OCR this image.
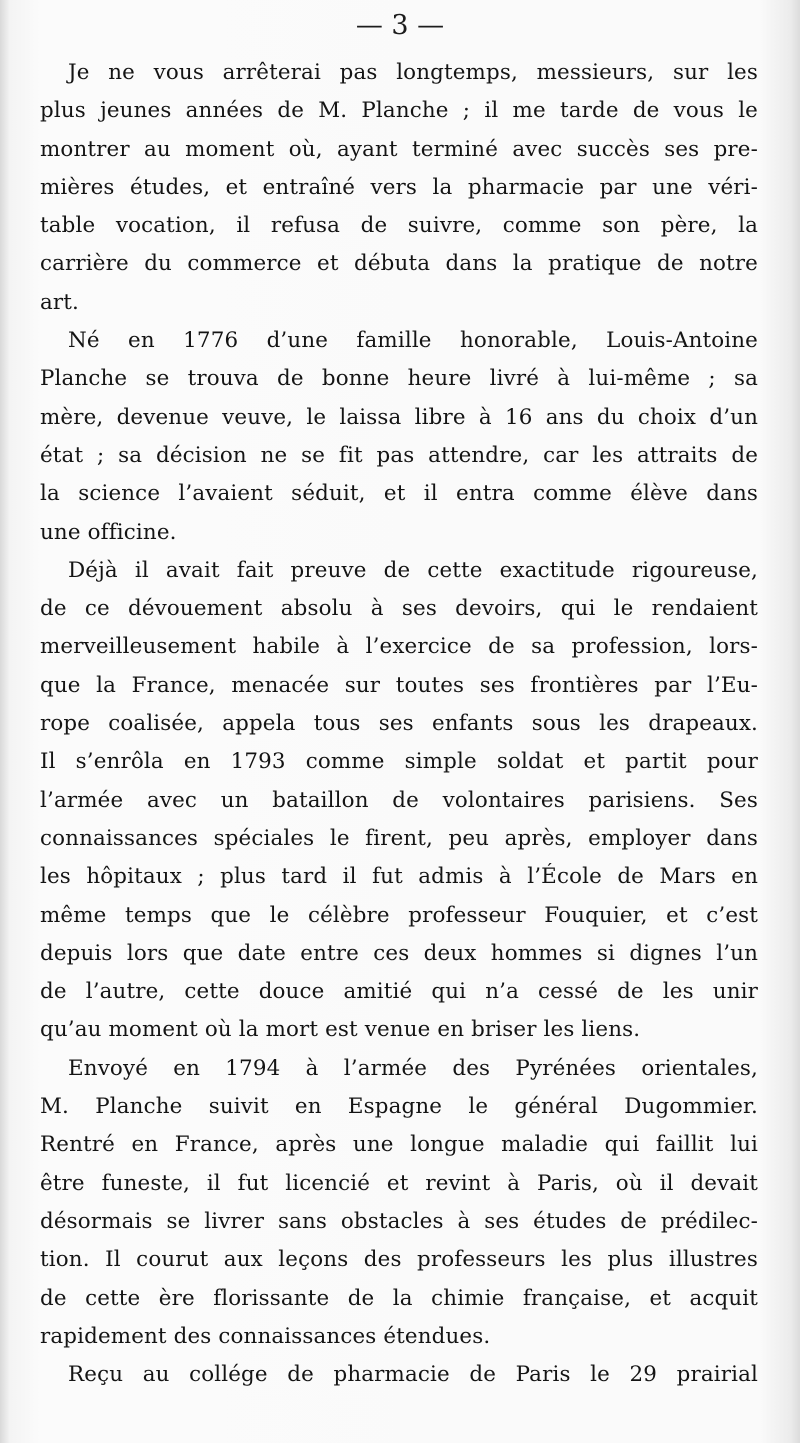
— 3 —
Je ne vous arrêterai pas longtemps, messieurs, sur les
plus jeunes années de M. Planche ; il me tarde de vous le
montrer au moment où, ayant terminé avec succès ses pre-
mières études, et entraîné vers la pharmacie par une véri-
table vocation, il refusa de suivre, comme son père, la
carrière du commerce et débuta dans la pratique de notre
art.
Né en 1776 d’une famille honorable, Louis-Antoine
Planche se trouva de bonne heure livré à lui-même ; sa
mère, devenue veuve, le laissa libre à 16 ans du choix d’un
état ; sa décision ne se fit pas attendre, car les attraits de
la science l’avaient séduit, et il entra comme élève dans
une officine.
Déjà il avait fait preuve de cette exactitude rigoureuse,
de ce dévouement absolu à ses devoirs, qui le rendaient
merveilleusement habile à l’exercice de sa profession, lors-
que la France, menacée sur toutes ses frontières par l’Eu-
rope coalisée, appela tous ses enfants sous les drapeaux.
Il s’enrôla en 1793 comme simple soldat et partit pour
l’armée avec un bataillon de volontaires parisiens. Ses
connaissances spéciales le firent, peu après, employer dans
les hôpitaux ; plus tard il fut admis à l’École de Mars en
même temps que le célèbre professeur Fouquier, et c’est
depuis lors que date entre ces deux hommes si dignes l’un
de l’autre, cette douce amitié qui n’a cessé de les unir
qu’au moment où la mort est venue en briser les liens.
Envoyé en 1794 à l’armée des Pyrénées orientales,
M. Planche suivit en Espagne le général Dugommier.
Rentré en France, après une longue maladie qui faillit lui
être funeste, il fut licencié et revint à Paris, où il devait
désormais se livrer sans obstacles à ses études de prédilec-
tion. Il courut aux leçons des professeurs les plus illustres
de cette ère florissante de la chimie française, et acquit
rapidement des connaissances étendues.
Reçu au collége de pharmacie de Paris le 29 prairial
